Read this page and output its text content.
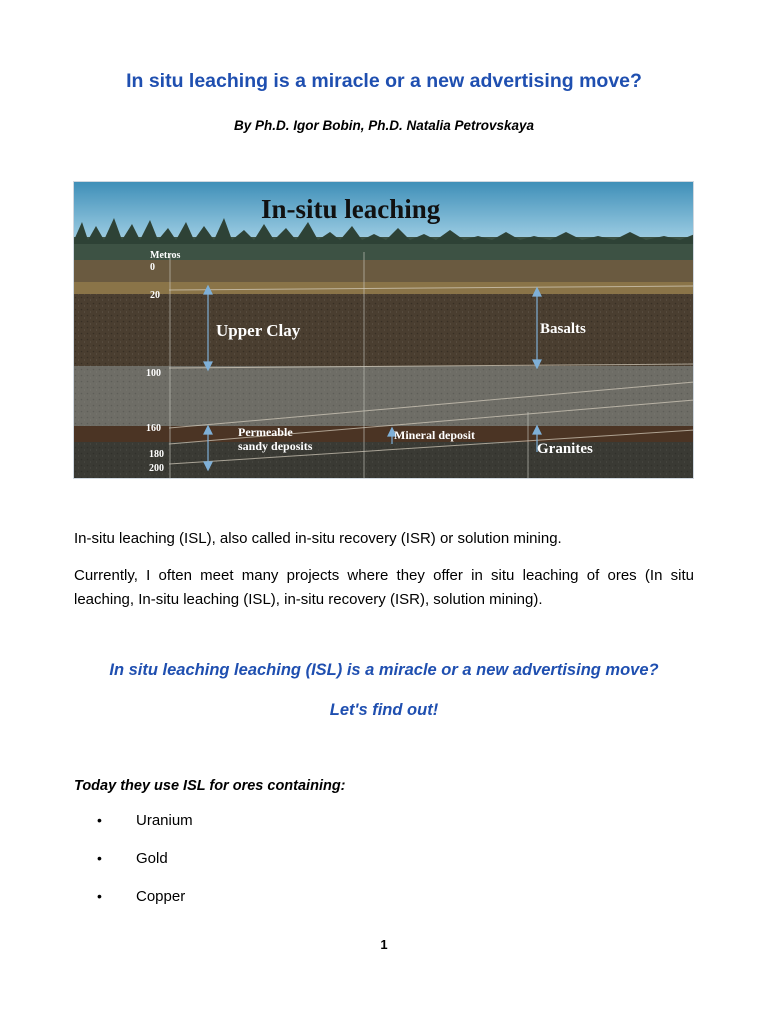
In situ leaching is a miracle or a new advertising move?
By Ph.D. Igor Bobin, Ph.D. Natalia Petrovskaya
In-situ leaching
Metros
0
20
100
160
180
200
Upper Clay	Basalts
Permeable
sandy deposits
Mineral deposit
Granites

In-situ leaching (ISL), also called in-situ recovery (ISR) or solution mining.

Currently, I often meet many projects where they offer in situ leaching of ores (In situ leaching, In-situ leaching (ISL), in-situ recovery (ISR), solution mining).

In situ leaching leaching (ISL) is a miracle or a new advertising move?

Let's find out!

Today they use ISL for ores containing:
• Uranium
• Gold
• Copper
1
